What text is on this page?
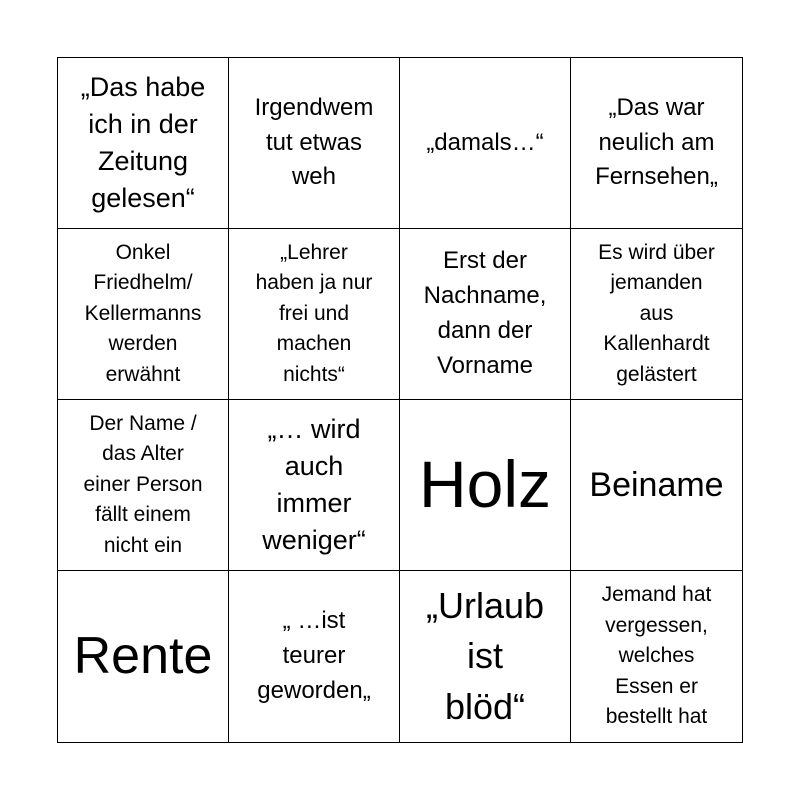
„Das habe
ich in der
Zeitung
gelesen“
Irgendwem
tut etwas
weh
„damals…“
„Das war
neulich am
Fernsehen„
Onkel
Friedhelm/
Kellermanns
werden
erwähnt
„Lehrer
haben ja nur
frei und
machen
nichts“
Erst der
Nachname,
dann der
Vorname
Es wird über
jemanden
aus
Kallenhardt
gelästert
Der Name /
das Alter
einer Person
fällt einem
nicht ein
„… wird
auch
immer
weniger“
Holz Beiname
Rente
„ …ist
teurer
geworden„
„Urlaub
ist
blöd“
Jemand hat
vergessen,
welches
Essen er
bestellt hat
